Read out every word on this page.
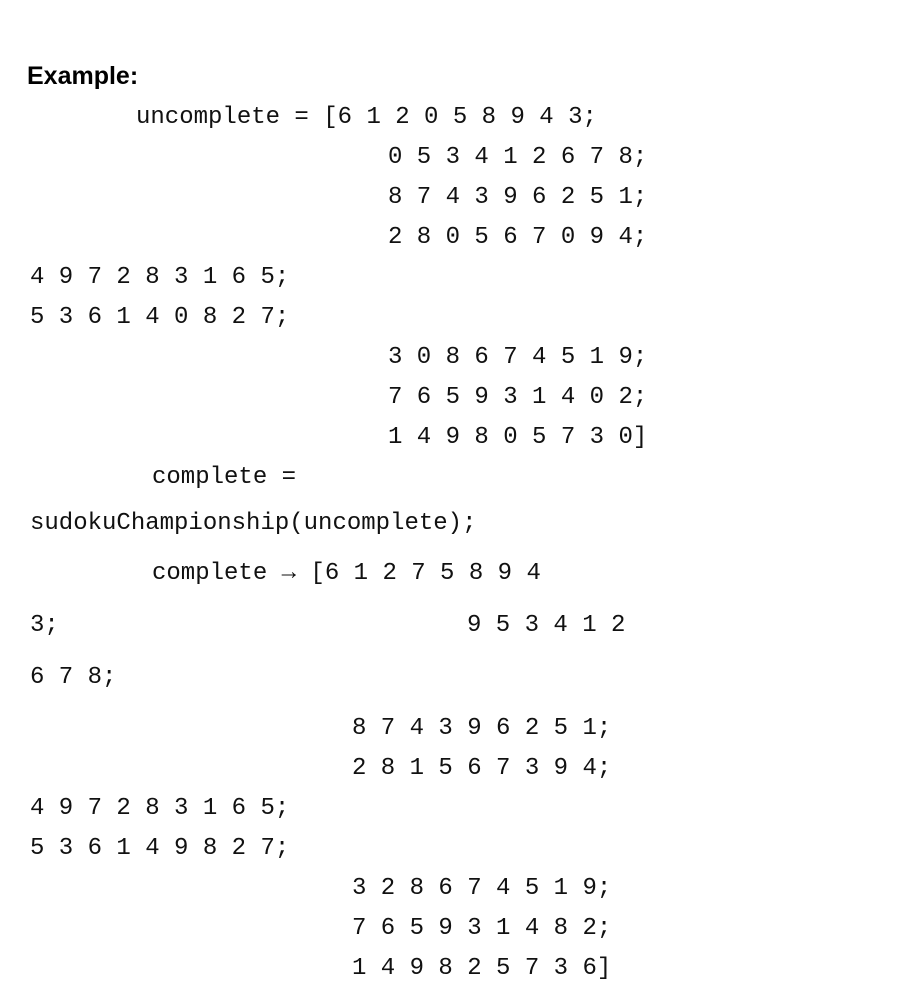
Example:
uncomplete = [6 1 2 0 5 8 9 4 3;
0 5 3 4 1 2 6 7 8;
8 7 4 3 9 6 2 5 1;
2 8 0 5 6 7 0 9 4;
4 9 7 2 8 3 1 6 5;
5 3 6 1 4 0 8 2 7;
3 0 8 6 7 4 5 1 9;
7 6 5 9 3 1 4 0 2;
1 4 9 8 0 5 7 3 0]
complete =
sudokuChampionship(uncomplete);
complete → [6 1 2 7 5 8 9 4
3;	9 5 3 4 1 2
6 7 8;
8 7 4 3 9 6 2 5 1;
2 8 1 5 6 7 3 9 4;
4 9 7 2 8 3 1 6 5;
5 3 6 1 4 9 8 2 7;
3 2 8 6 7 4 5 1 9;
7 6 5 9 3 1 4 8 2;
1 4 9 8 2 5 7 3 6]
